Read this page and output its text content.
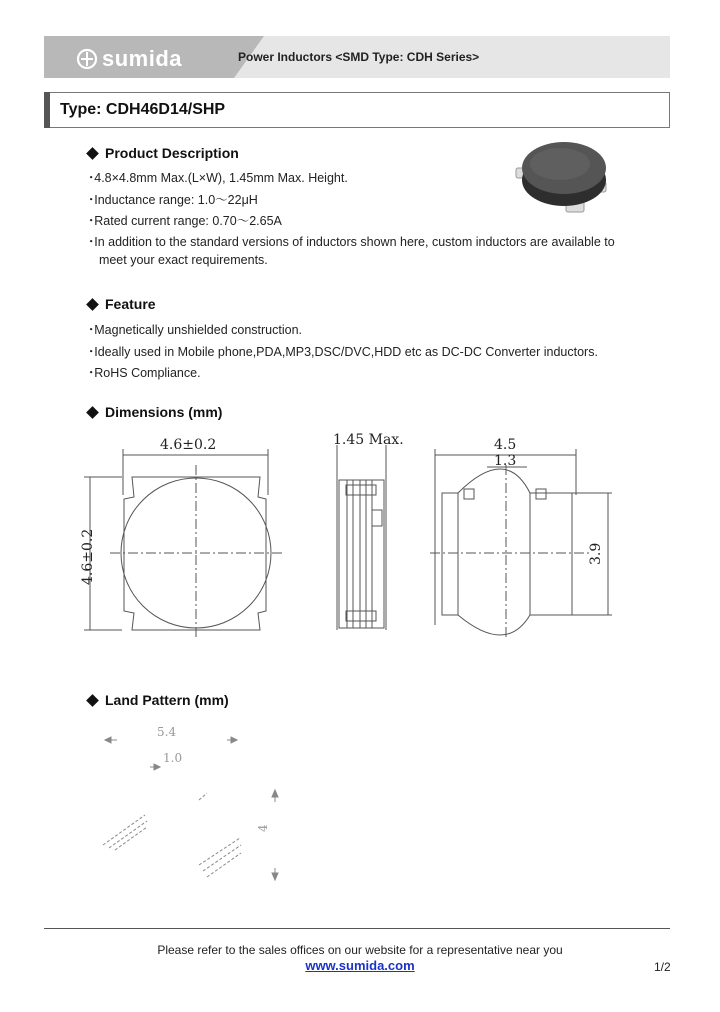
sumida	Power Inductors <SMD Type: CDH Series>
Type: CDH46D14/SHP
Product Description
･4.8×4.8mm Max.(L×W), 1.45mm Max. Height.
･Inductance range: 1.0～22μH
･Rated current range: 0.70～2.65A
･In addition to the standard versions of inductors shown here, custom inductors are available to
meet your exact requirements.
Feature
･Magnetically unshielded construction.
･Ideally used in Mobile phone,PDA,MP3,DSC/DVC,HDD etc as DC-DC Converter inductors.
･RoHS Compliance.
Dimensions (mm)
4.6±0.2
4.6±0.2
1.45 Max.	4.5
1.3
3.9
Land Pattern (mm)
5.4
1.0
4
Please refer to the sales offices on our website for a representative near you
www.sumida.com	1/2
